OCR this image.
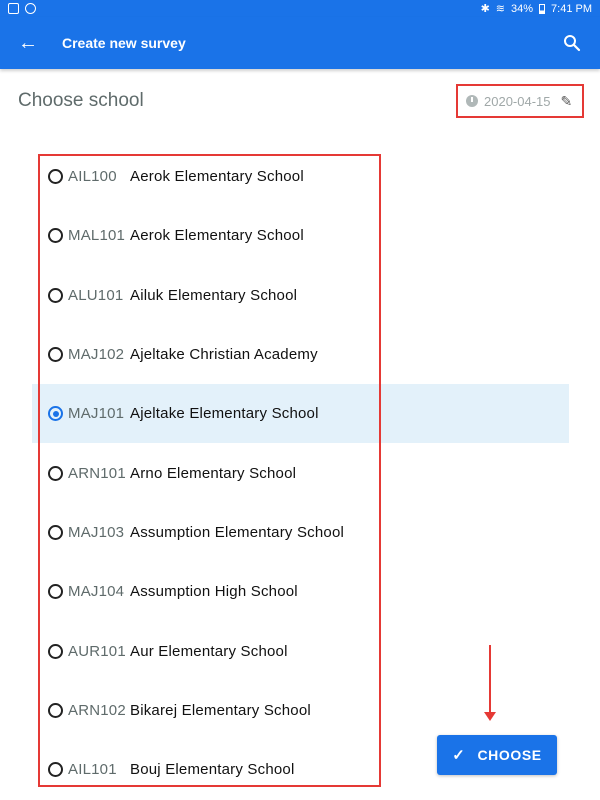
✱ ≋ 34% 7:41 PM
←	Create new survey
Choose school	2020-04-15 ✎
AIL100 Aerok Elementary School
MAL101 Aerok Elementary School
ALU101 Ailuk Elementary School
MAJ102 Ajeltake Christian Academy
MAJ101 Ajeltake Elementary School
ARN101 Arno Elementary School
MAJ103 Assumption Elementary School
MAJ104 Assumption High School
AUR101 Aur Elementary School
ARN102 Bikarej Elementary School
AIL101 Bouj Elementary School
✓ CHOOSE
